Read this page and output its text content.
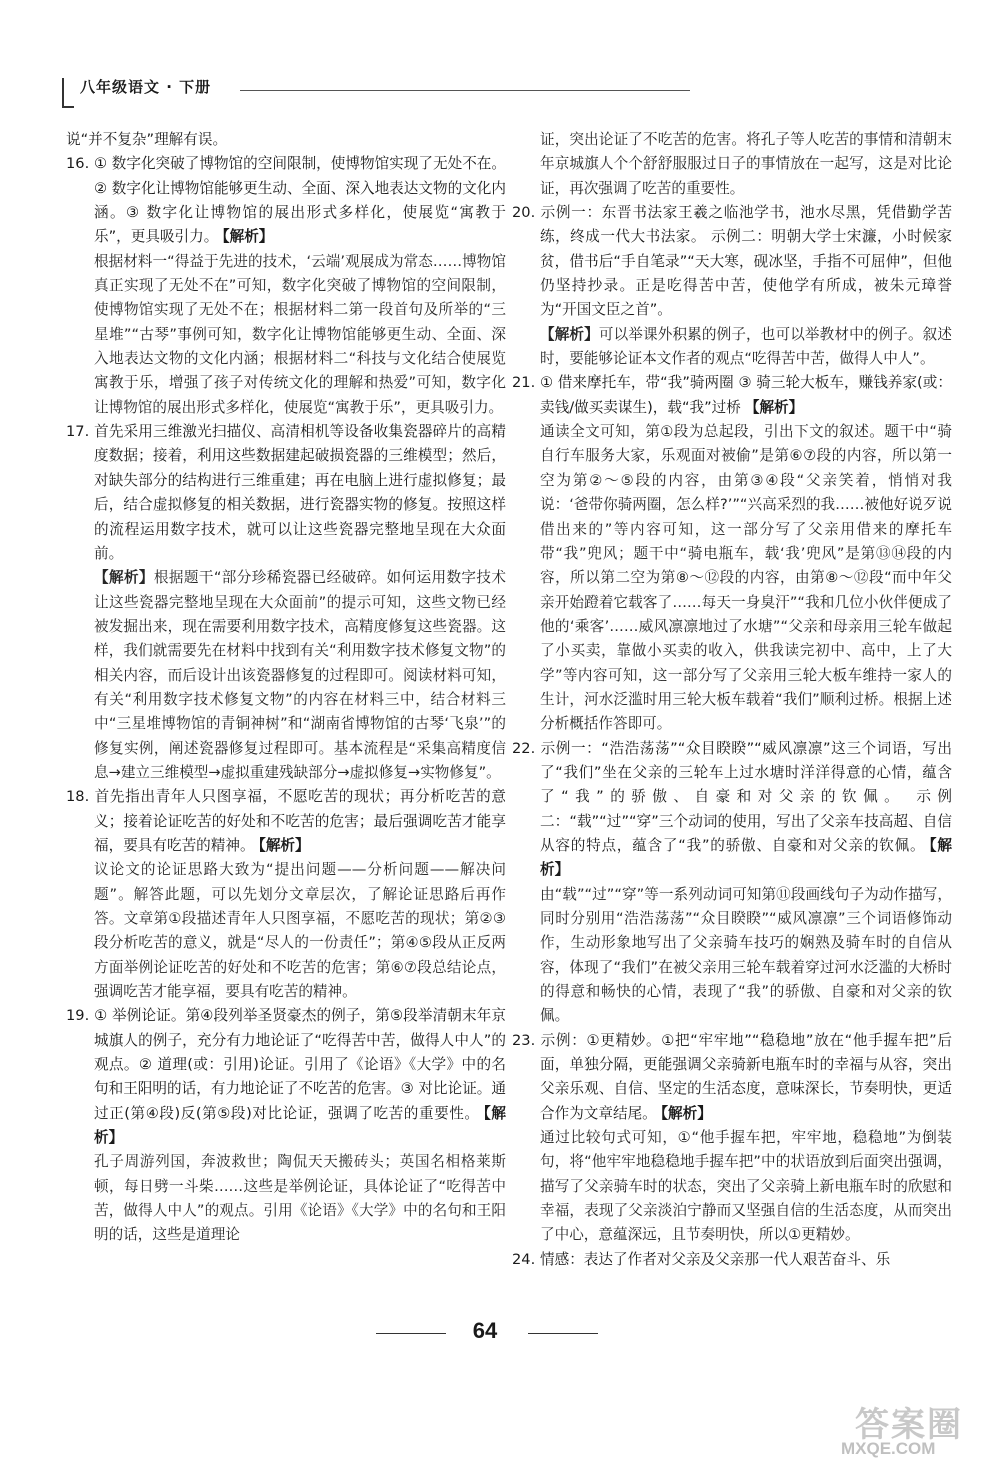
八年级语文 · 下册

说“并不复杂”理解有误。

16. ① 数字化突破了博物馆的空间限制，使博物馆实现了无处不在。② 数字化让博物馆能够更生动、全面、深入地表达文物的文化内涵。③ 数字化让博物馆的展出形式多样化，使展览“寓教于乐”，更具吸引力。 【解析】

根据材料一“得益于先进的技术，‘云端’观展成为常态……博物馆真正实现了无处不在”可知，数字化突破了博物馆的空间限制，使博物馆实现了无处不在；根据材料二第一段首句及所举的“三星堆”“古琴”事例可知，数字化让博物馆能够更生动、全面、深入地表达文物的文化内涵；根据材料二“科技与文化结合使展览寓教于乐，增强了孩子对传统文化的理解和热爱”可知，数字化让博物馆的展出形式多样化，使展览“寓教于乐”，更具吸引力。

17. 首先采用三维激光扫描仪、高清相机等设备收集瓷器碎片的高精度数据；接着，利用这些数据建起破损瓷器的三维模型；然后，对缺失部分的结构进行三维重建；再在电脑上进行虚拟修复；最后，结合虚拟修复的相关数据，进行瓷器实物的修复。按照这样的流程运用数字技术，就可以让这些瓷器完整地呈现在大众面前。

【解析】根据题干“部分珍稀瓷器已经破碎。如何运用数字技术让这些瓷器完整地呈现在大众面前”的提示可知，这些文物已经被发掘出来，现在需要利用数字技术，高精度修复这些瓷器。这样，我们就需要先在材料中找到有关“利用数字技术修复文物”的相关内容，而后设计出该瓷器修复的过程即可。阅读材料可知，有关“利用数字技术修复文物”的内容在材料三中，结合材料三中“三星堆博物馆的青铜神树”和“湖南省博物馆的古琴‘飞泉’”的修复实例，阐述瓷器修复过程即可。基本流程是“采集高精度信息→建立三维模型→虚拟重建残缺部分→虚拟修复→实物修复”。

18. 首先指出青年人只图享福，不愿吃苦的现状；再分析吃苦的意义；接着论证吃苦的好处和不吃苦的危害；最后强调吃苦才能享福，要具有吃苦的精神。 【解析】

议论文的论证思路大致为“提出问题——分析问题——解决问题”。解答此题，可以先划分文章层次，了解论证思路后再作答。文章第①段描述青年人只图享福，不愿吃苦的现状；第②③段分析吃苦的意义，就是“尽人的一份责任”；第④⑤段从正反两方面举例论证吃苦的好处和不吃苦的危害；第⑥⑦段总结论点，强调吃苦才能享福，要具有吃苦的精神。

19. ① 举例论证。第④段列举圣贤豪杰的例子，第⑤段举清朝末年京城旗人的例子，充分有力地论证了“吃得苦中苦，做得人中人”的观点。② 道理(或：引用)论证。引用了《论语》《大学》中的名句和王阳明的话，有力地论证了不吃苦的危害。③ 对比论证。通过正(第④段)反(第⑤段)对比论证，强调了吃苦的重要性。 【解析】

孔子周游列国，奔波救世；陶侃天天搬砖头；英国名相格莱斯顿，每日劈一斗柴……这些是举例论证，具体论证了“吃得苦中苦，做得人中人”的观点。引用《论语》《大学》中的名句和王阳明的话，这些是道理论

证，突出论证了不吃苦的危害。将孔子等人吃苦的事情和清朝末年京城旗人个个舒舒服服过日子的事情放在一起写，这是对比论证，再次强调了吃苦的重要性。

20. 示例一：东晋书法家王羲之临池学书，池水尽黑，凭借勤学苦练，终成一代大书法家。 示例二：明朝大学士宋濂，小时候家贫，借书后“手自笔录”“天大寒，砚冰坚，手指不可屈伸”，但他仍坚持抄录。正是吃得苦中苦，使他学有所成，被朱元璋誉为“开国文臣之首”。

【解析】可以举课外积累的例子，也可以举教材中的例子。叙述时，要能够论证本文作者的观点“吃得苦中苦，做得人中人”。

21. ① 借来摩托车，带“我”骑两圈 ③ 骑三轮大板车，赚钱养家(或：卖钱/做买卖谋生)，载“我”过桥 【解析】

通读全文可知，第①段为总起段，引出下文的叙述。题干中“骑自行车服务大家，乐观面对被偷”是第⑥⑦段的内容，所以第一空为第②～⑤段的内容，由第③④段“父亲笑着，悄悄对我说：‘爸带你骑两圈，怎么样?’”“兴高采烈的我……被他好说歹说借出来的”等内容可知，这一部分写了父亲用借来的摩托车带“我”兜风；题干中“骑电瓶车，载‘我’兜风”是第⑬⑭段的内容，所以第二空为第⑧～⑫段的内容，由第⑧～⑫段“而中年父亲开始蹬着它载客了……每天一身臭汗”“我和几位小伙伴便成了他的‘乘客’……威风凛凛地过了水塘”“父亲和母亲用三轮车做起了小买卖，靠做小买卖的收入，供我读完初中、高中，上了大学”等内容可知，这一部分写了父亲用三轮大板车维持一家人的生计，河水泛滥时用三轮大板车载着“我们”顺利过桥。根据上述分析概括作答即可。

22. 示例一：“浩浩荡荡”“众目睽睽”“威风凛凛”这三个词语，写出了“我们”坐在父亲的三轮车上过水塘时洋洋得意的心情，蕴含了“我”的骄傲、自豪和对父亲的钦佩。 示例二：“载”“过”“穿”三个动词的使用，写出了父亲车技高超、自信从容的特点，蕴含了“我”的骄傲、自豪和对父亲的钦佩。 【解析】

由“载”“过”“穿”等一系列动词可知第⑪段画线句子为动作描写，同时分别用“浩浩荡荡”“众目睽睽”“威风凛凛”三个词语修饰动作，生动形象地写出了父亲骑车技巧的娴熟及骑车时的自信从容，体现了“我们”在被父亲用三轮车载着穿过河水泛滥的大桥时的得意和畅快的心情，表现了“我”的骄傲、自豪和对父亲的钦佩。

23. 示例：①更精妙。①把“牢牢地”“稳稳地”放在“他手握车把”后面，单独分隔，更能强调父亲骑新电瓶车时的幸福与从容，突出父亲乐观、自信、坚定的生活态度，意味深长，节奏明快，更适合作为文章结尾。 【解析】

通过比较句式可知，①“他手握车把，牢牢地，稳稳地”为倒装句，将“他牢牢地稳稳地手握车把”中的状语放到后面突出强调，描写了父亲骑车时的状态，突出了父亲骑上新电瓶车时的欣慰和幸福，表现了父亲淡泊宁静而又坚强自信的生活态度，从而突出了中心，意蕴深远，且节奏明快，所以①更精妙。

24. 情感：表达了作者对父亲及父亲那一代人艰苦奋斗、乐

64
答案圈
MXQE.COM
